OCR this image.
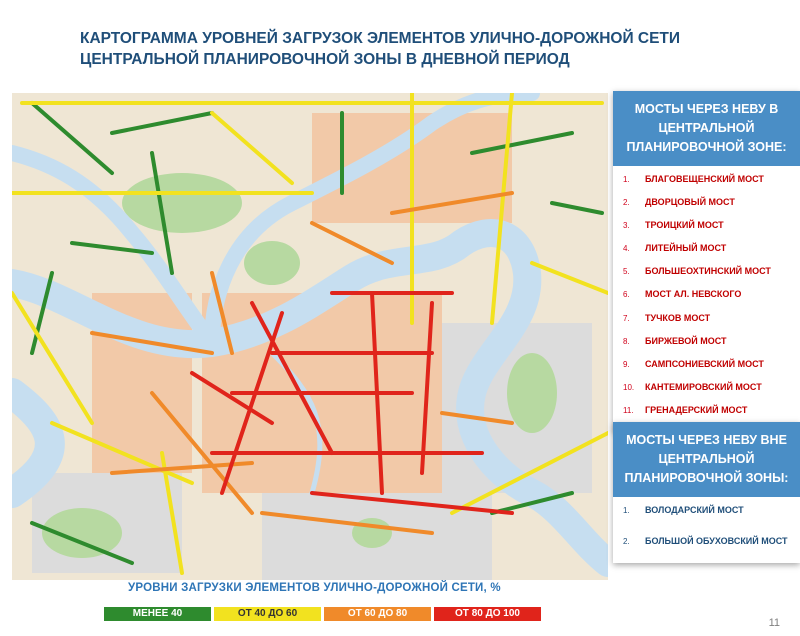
КАРТОГРАММА УРОВНЕЙ ЗАГРУЗОК ЭЛЕМЕНТОВ УЛИЧНО-ДОРОЖНОЙ СЕТИ ЦЕНТРАЛЬНОЙ ПЛАНИРОВОЧНОЙ ЗОНЫ В ДНЕВНОЙ ПЕРИОД
МОСТЫ ЧЕРЕЗ НЕВУ В ЦЕНТРАЛЬНОЙ ПЛАНИРОВОЧНОЙ ЗОНЕ:
1.	БЛАГОВЕЩЕНСКИЙ МОСТ
2.	ДВОРЦОВЫЙ МОСТ
3.	ТРОИЦКИЙ МОСТ
4.	ЛИТЕЙНЫЙ МОСТ
5.	БОЛЬШЕОХТИНСКИЙ МОСТ
6.	МОСТ АЛ. НЕВСКОГО
7.	ТУЧКОВ МОСТ
8.	БИРЖЕВОЙ МОСТ
9.	САМПСОНИЕВСКИЙ МОСТ
10.	КАНТЕМИРОВСКИЙ МОСТ
11.	ГРЕНАДЕРСКИЙ МОСТ
МОСТЫ ЧЕРЕЗ НЕВУ ВНЕ ЦЕНТРАЛЬНОЙ ПЛАНИРОВОЧНОЙ ЗОНЫ:
1.	ВОЛОДАРСКИЙ МОСТ
2.	БОЛЬШОЙ ОБУХОВСКИЙ МОСТ
УРОВНИ ЗАГРУЗКИ ЭЛЕМЕНТОВ УЛИЧНО-ДОРОЖНОЙ СЕТИ, %
МЕНЕЕ 40	ОТ 40 ДО 60	ОТ 60 ДО 80	ОТ 80 ДО 100
11
